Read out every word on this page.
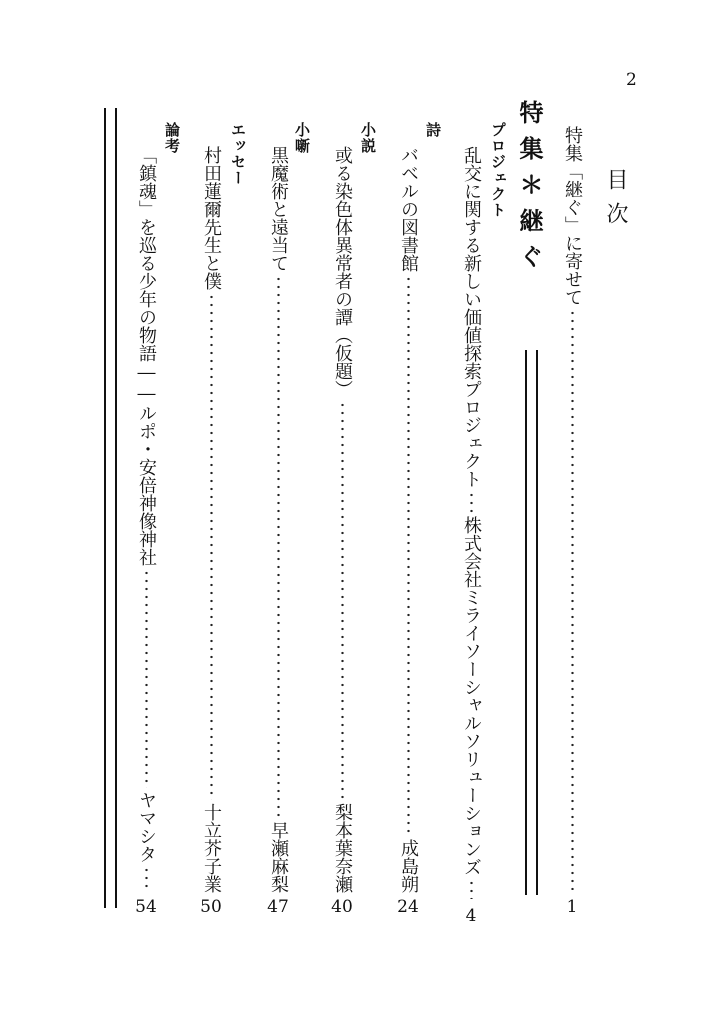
2
目次
特集「継ぐ」に寄せて
1
特集＊継ぐ
プロジェクト
乱交に関する新しい価値探索プロジェクト
株式会社ミライソーシャルソリューションズ
4
詩
バベルの図書館
成島朔
24
小説
或る染色体異常者の譚（仮題）
梨本葉奈瀬
40
小噺
黒魔術と遠当て
早瀬麻梨
47
エッセー
村田蓮爾先生と僕
十立芥子業
50
論考
「鎮魂」を巡る少年の物語――ルポ・安倍神像神社
ヤマシタ
54
